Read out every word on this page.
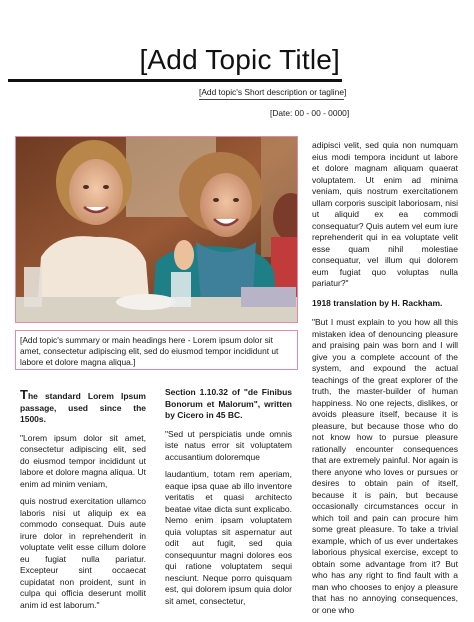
​
[Add Topic Title]
[Add topic's Short description or tagline]
[Date: 00 - 00 - 0000]
[Add topic's summary or main headings here - Lorem ipsum dolor sit amet, consectetur adipiscing elit, sed do eiusmod tempor incididunt ut labore et dolore magna aliqua.]
The standard Lorem Ipsum passage, used since the 1500s.

"Lorem ipsum dolor sit amet, consectetur adipiscing elit, sed do eiusmod tempor incididunt ut labore et dolore magna aliqua. Ut enim ad minim veniam,

quis nostrud exercitation ullamco laboris nisi ut aliquip ex ea commodo consequat. Duis aute irure dolor in reprehenderit in voluptate velit esse cillum dolore eu fugiat nulla pariatur. Excepteur sint occaecat cupidatat non proident, sunt in culpa qui officia deserunt mollit anim id est laborum."

Section 1.10.32 of "de Finibus Bonorum et Malorum", written by Cicero in 45 BC.

"Sed ut perspiciatis unde omnis iste natus error sit voluptatem accusantium doloremque

laudantium, totam rem aperiam, eaque ipsa quae ab illo inventore veritatis et quasi architecto beatae vitae dicta sunt explicabo. Nemo enim ipsam voluptatem quia voluptas sit aspernatur aut odit aut fugit, sed quia consequuntur magni dolores eos qui ratione voluptatem sequi nesciunt. Neque porro quisquam est, qui dolorem ipsum quia dolor sit amet, consectetur,

adipisci velit, sed quia non numquam eius modi tempora incidunt ut labore et dolore magnam aliquam quaerat voluptatem. Ut enim ad minima veniam, quis nostrum exercitationem ullam corporis suscipit laboriosam, nisi ut aliquid ex ea commodi consequatur? Quis autem vel eum iure reprehenderit qui in ea voluptate velit esse quam nihil molestiae consequatur, vel illum qui dolorem eum fugiat quo voluptas nulla pariatur?"

1918 translation by H. Rackham.

"But I must explain to you how all this mistaken idea of denouncing pleasure and praising pain was born and I will give you a complete account of the system, and expound the actual teachings of the great explorer of the truth, the master-builder of human happiness. No one rejects, dislikes, or avoids pleasure itself, because it is pleasure, but because those who do not know how to pursue pleasure rationally encounter consequences that are extremely painful. Nor again is there anyone who loves or pursues or desires to obtain pain of itself, because it is pain, but because occasionally circumstances occur in which toil and pain can procure him some great pleasure. To take a trivial example, which of us ever undertakes laborious physical exercise, except to obtain some advantage from it? But who has any right to find fault with a man who chooses to enjoy a pleasure that has no annoying consequences, or one who
